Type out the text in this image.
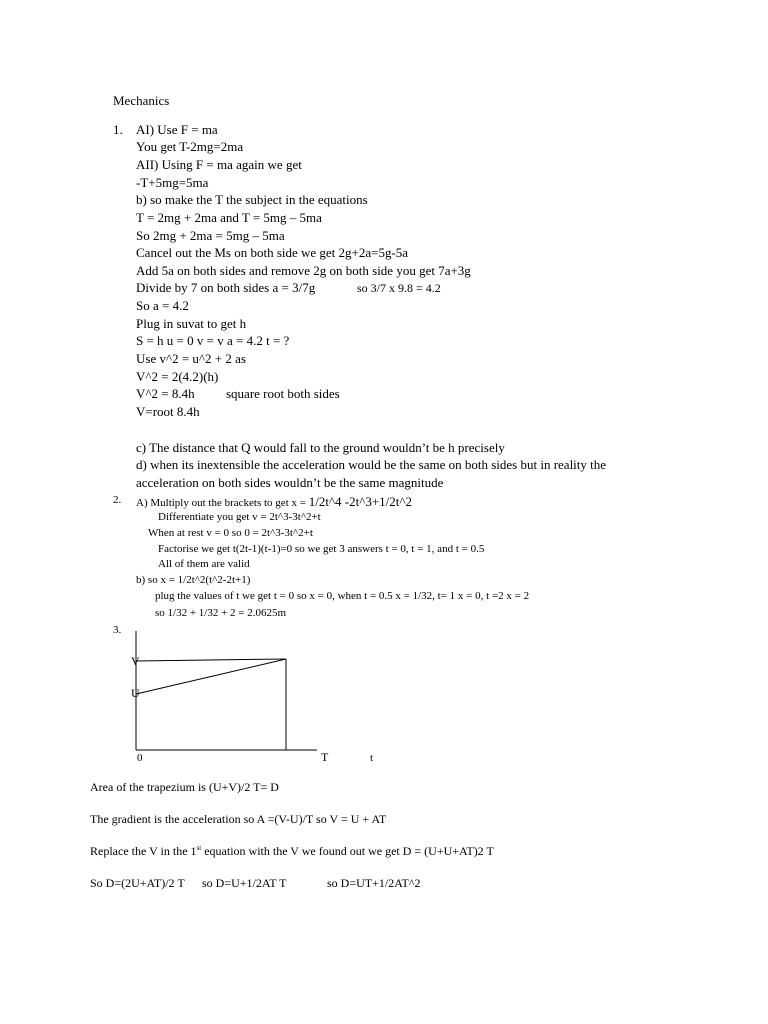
Mechanics
1. AI) Use F = ma
You get T-2mg=2ma
AII) Using F = ma again we get
-T+5mg=5ma
b) so make the T the subject in the equations
T = 2mg + 2ma and T = 5mg – 5ma
So 2mg + 2ma = 5mg – 5ma
Cancel out the Ms on both side we get 2g+2a=5g-5a
Add 5a on both sides and remove 2g on both side you get 7a+3g
Divide by 7 on both sides a = 3/7g	so 3/7 x 9.8 = 4.2
So a = 4.2
Plug in suvat to get h
S = h u = 0 v = v a = 4.2 t = ?
Use v^2 = u^2 + 2 as
V^2 = 2(4.2)(h)
V^2 = 8.4h square root both sides
V=root 8.4h
c) The distance that Q would fall to the ground wouldn’t be h precisely
d) when its inextensible the acceleration would be the same on both sides but in reality the
acceleration on both sides wouldn’t be the same magnitude
2. A) Multiply out the brackets to get x = 1/2t^4 -2t^3+1/2t^2
Differentiate you get v = 2t^3-3t^2+t
When at rest v = 0 so 0 = 2t^3-3t^2+t
Factorise we get t(2t-1)(t-1)=0 so we get 3 answers t = 0, t = 1, and t = 0.5
All of them are valid
b) so x = 1/2t^2(t^2-2t+1)
plug the values of t we get t = 0 so x = 0, when t = 0.5 x = 1/32, t= 1 x = 0, t =2 x = 2
so 1/32 + 1/32 + 2 = 2.0625m
3.
V
U
0	T	t
Area of the trapezium is (U+V)/2 T= D
The gradient is the acceleration so A =(V-U)/T so V = U + AT
Replace the V in the 1st equation with the V we found out we get D = (U+U+AT)2 T
So D=(2U+AT)/2 T so D=U+1/2AT T	so D=UT+1/2AT^2
